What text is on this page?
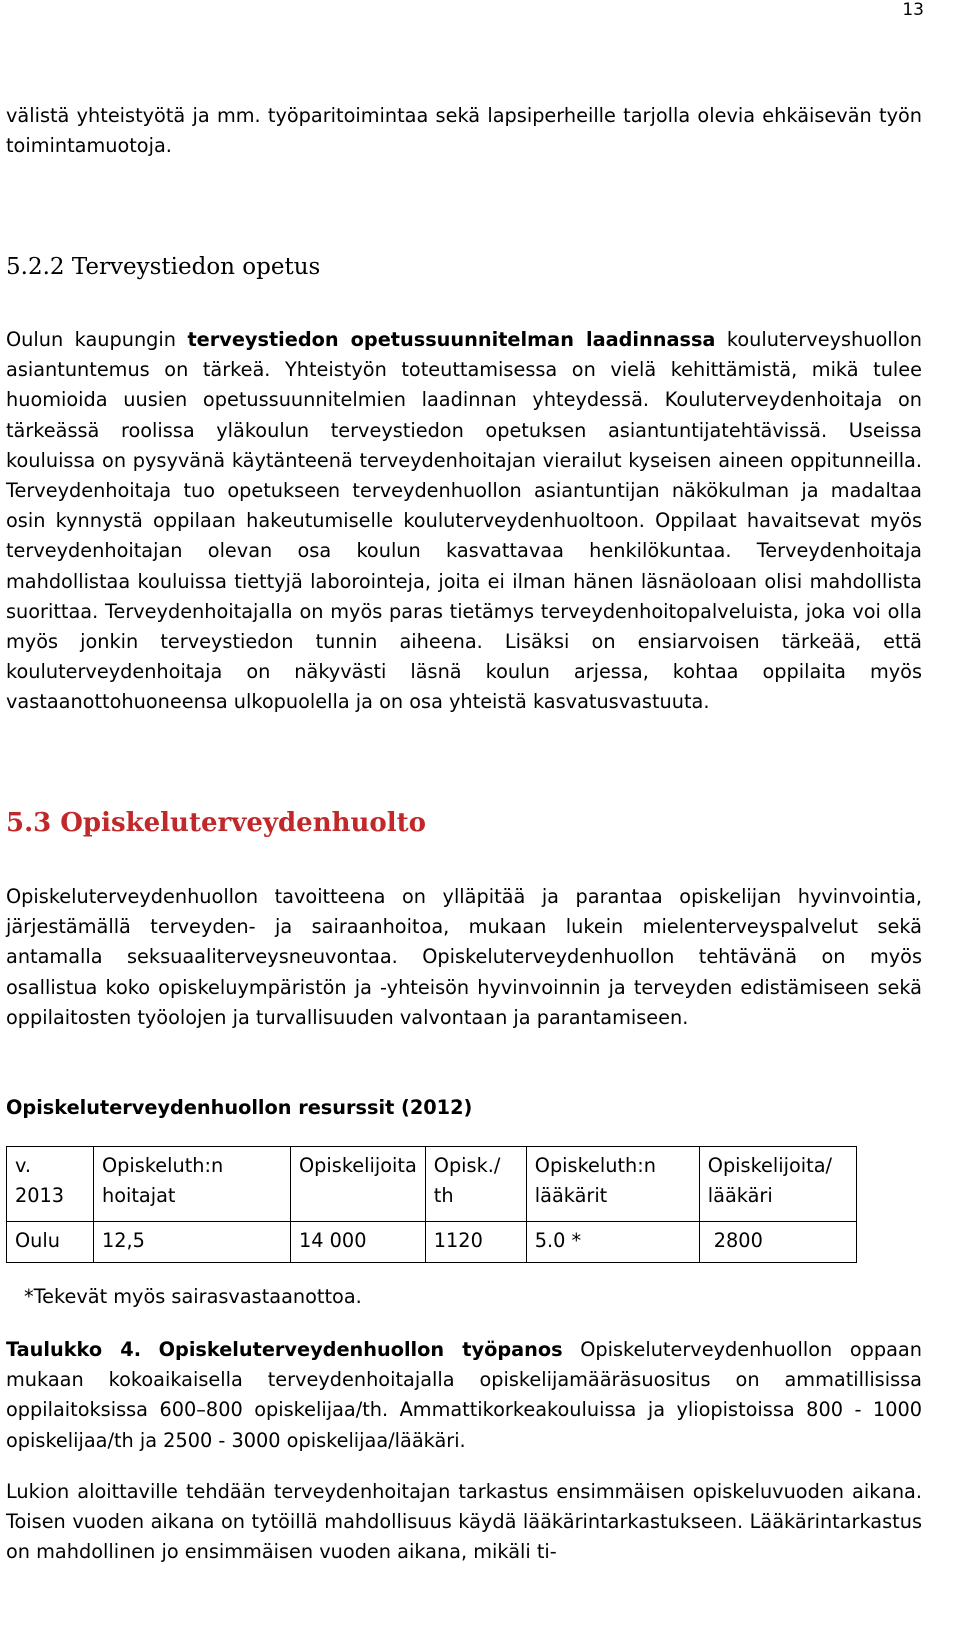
13

välistä yhteistyötä ja mm. työparitoimintaa sekä lapsiperheille tarjolla olevia ehkäisevän työn toimintamuotoja.

5.2.2 Terveystiedon opetus

Oulun kaupungin terveystiedon opetussuunnitelman laadinnassa kouluterveyshuollon asiantuntemus on tärkeä. Yhteistyön toteuttamisessa on vielä kehittämistä, mikä tulee huomioida uusien opetussuunnitelmien laadinnan yhteydessä. Kouluterveydenhoitaja on tärkeässä roolissa yläkoulun terveystiedon opetuksen asiantuntijatehtävissä. Useissa kouluissa on pysyvänä käytänteenä terveydenhoitajan vierailut kyseisen aineen oppitunneilla. Terveydenhoitaja tuo opetukseen terveydenhuollon asiantuntijan näkökulman ja madaltaa osin kynnystä oppilaan hakeutumiselle kouluterveydenhuoltoon. Oppilaat havaitsevat myös terveydenhoitajan olevan osa koulun kasvattavaa henkilökuntaa. Terveydenhoitaja mahdollistaa kouluissa tiettyjä laborointeja, joita ei ilman hänen läsnäoloaan olisi mahdollista suorittaa. Terveydenhoitajalla on myös paras tietämys terveydenhoitopalveluista, joka voi olla myös jonkin terveystiedon tunnin aiheena. Lisäksi on ensiarvoisen tärkeää, että kouluterveydenhoitaja on näkyvästi läsnä koulun arjessa, kohtaa oppilaita myös vastaanottohuoneensa ulkopuolella ja on osa yhteistä kasvatusvastuuta.

5.3 Opiskeluterveydenhuolto

Opiskeluterveydenhuollon tavoitteena on ylläpitää ja parantaa opiskelijan hyvinvointia, järjestämällä terveyden- ja sairaanhoitoa, mukaan lukein mielenterveyspalvelut sekä antamalla seksuaaliterveysneuvontaa. Opiskeluterveydenhuollon tehtävänä on myös osallistua koko opiskeluympäristön ja -yhteisön hyvinvoinnin ja terveyden edistämiseen sekä oppilaitosten työolojen ja turvallisuuden valvontaan ja parantamiseen.

Opiskeluterveydenhuollon resurssit (2012)

v. 2013	Opiskeluth:n hoitajat	Opiskelijoita	Opisk./ th	Opiskeluth:n lääkärit	Opiskelijoita/ lääkäri
Oulu	12,5	14 000	1120	5.0 *	2800

*Tekevät myös sairasvastaanottoa.

Taulukko 4. Opiskeluterveydenhuollon työpanos Opiskeluterveydenhuollon oppaan mukaan kokoaikaisella terveydenhoitajalla opiskelijamääräsuositus on ammatillisissa oppilaitoksissa 600–800 opiskelijaa/th. Ammattikorkeakouluissa ja yliopistoissa 800 - 1000 opiskelijaa/th ja 2500 - 3000 opiskelijaa/lääkäri.

Lukion aloittaville tehdään terveydenhoitajan tarkastus ensimmäisen opiskeluvuoden aikana. Toisen vuoden aikana on tytöillä mahdollisuus käydä lääkärintarkastukseen. Lääkärintarkastus on mahdollinen jo ensimmäisen vuoden aikana, mikäli ti-
